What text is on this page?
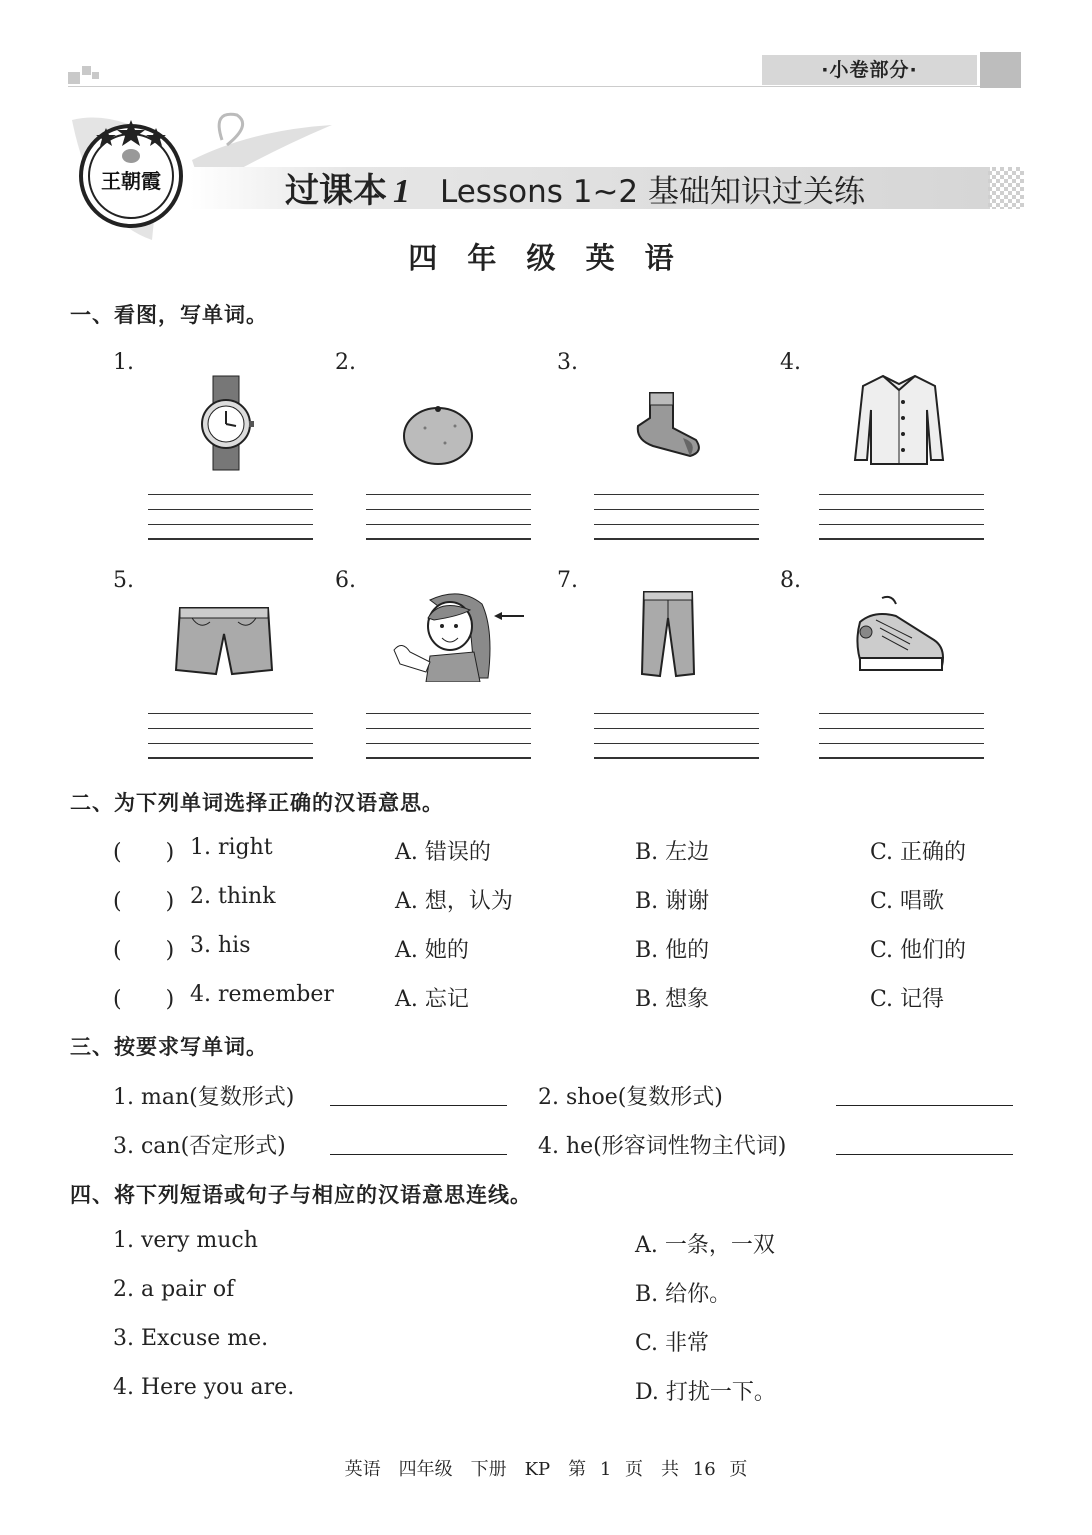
·小卷部分·
王朝霞	过课本 1 Lessons 1~2 基础知识过关练
四 年 级 英 语
一、看图，写单词。
1.	2.	3.	4.
5.	6.	7.	8.
二、为下列单词选择正确的汉语意思。
(　　) 1. right	A. 错误的	B. 左边	C. 正确的
(　　) 2. think	A. 想，认为	B. 谢谢	C. 唱歌
(　　) 3. his	A. 她的	B. 他的	C. 他们的
(　　) 4. remember	A. 忘记	B. 想象	C. 记得
三、按要求写单词。
1. man(复数形式)	2. shoe(复数形式)
3. can(否定形式)	4. he(形容词性物主代词)
四、将下列短语或句子与相应的汉语意思连线。
1. very much	A. 一条，一双
2. a pair of	B. 给你。
3. Excuse me.	C. 非常
4. Here you are.	D. 打扰一下。
英语　四年级　下册　KP　第 1 页　共 16 页
